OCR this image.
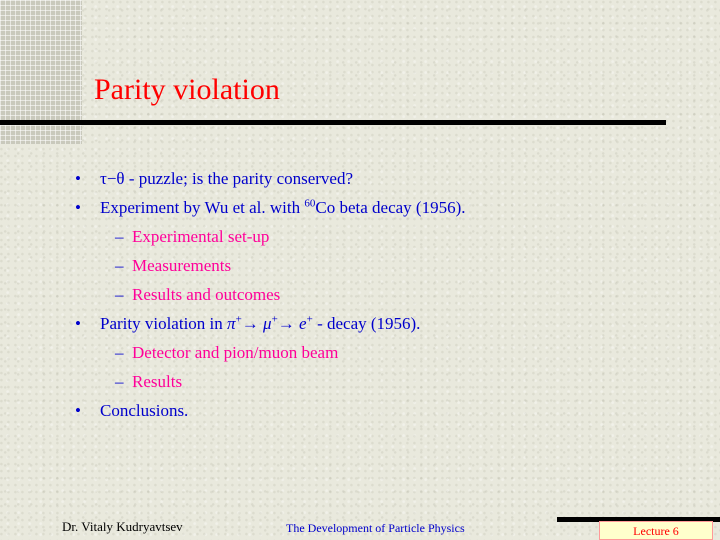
Parity violation
• τ−θ - puzzle; is the parity conserved?
• Experiment by Wu et al. with $^{60}$Co beta decay (1956).
– Experimental set-up
– Measurements
– Results and outcomes
• Parity violation in π+→ μ+→ e+ - decay (1956).
– Detector and pion/muon beam
– Results
• Conclusions.
Dr. Vitaly Kudryavtsev	The Development of Particle Physics	Lecture 6
